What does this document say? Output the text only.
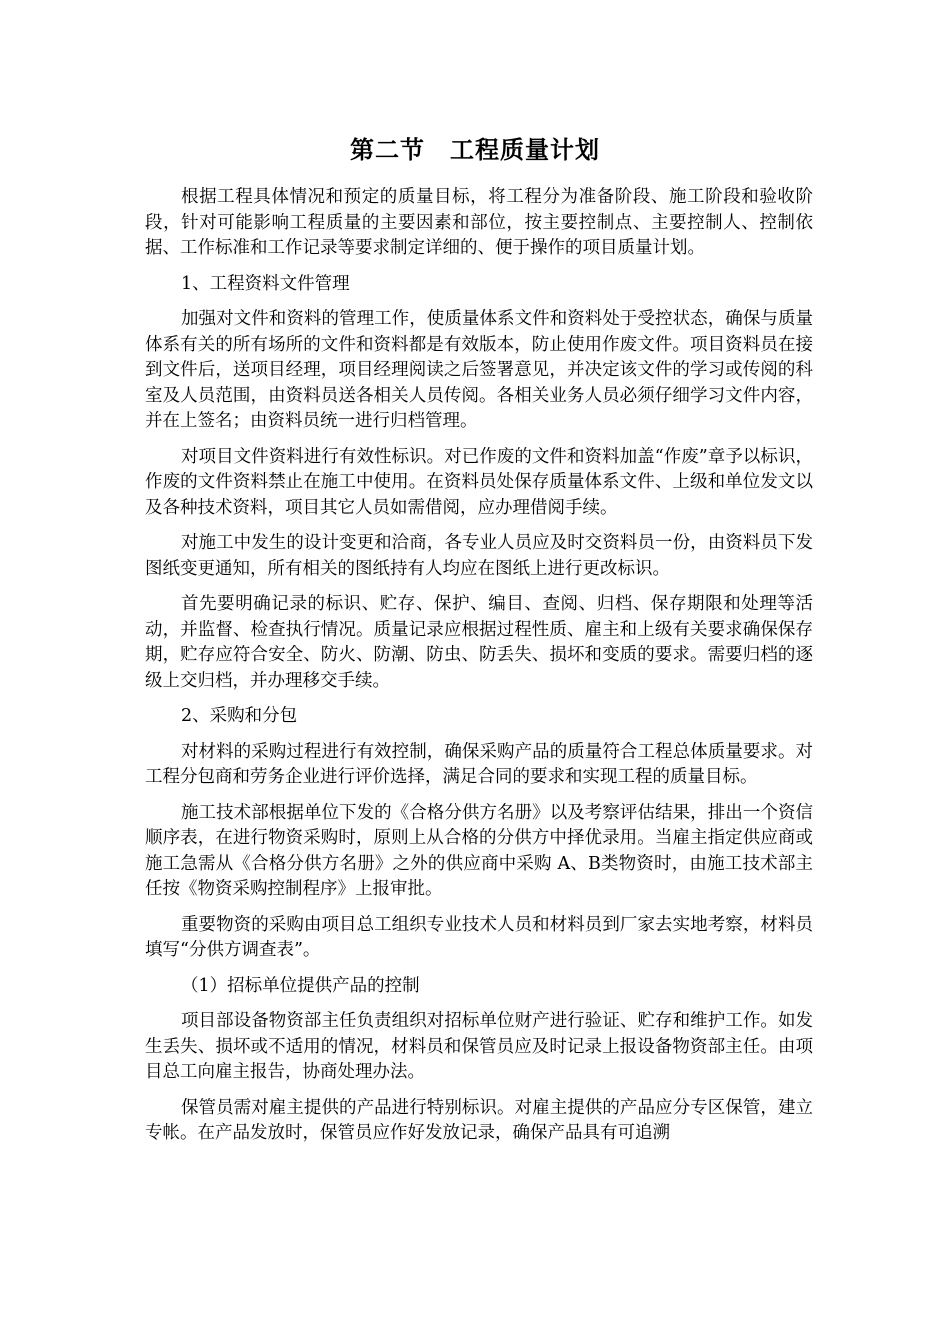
第二节　工程质量计划

根据工程具体情况和预定的质量目标，将工程分为准备阶段、施工阶段和验收阶段，针对可能影响工程质量的主要因素和部位，按主要控制点、主要控制人、控制依据、工作标准和工作记录等要求制定详细的、便于操作的项目质量计划。

1、工程资料文件管理

加强对文件和资料的管理工作，使质量体系文件和资料处于受控状态，确保与质量体系有关的所有场所的文件和资料都是有效版本，防止使用作废文件。项目资料员在接到文件后，送项目经理，项目经理阅读之后签署意见，并决定该文件的学习或传阅的科室及人员范围，由资料员送各相关人员传阅。各相关业务人员必须仔细学习文件内容，并在上签名；由资料员统一进行归档管理。

对项目文件资料进行有效性标识。对已作废的文件和资料加盖“作废”章予以标识，作废的文件资料禁止在施工中使用。在资料员处保存质量体系文件、上级和单位发文以及各种技术资料，项目其它人员如需借阅，应办理借阅手续。

对施工中发生的设计变更和洽商，各专业人员应及时交资料员一份，由资料员下发图纸变更通知，所有相关的图纸持有人均应在图纸上进行更改标识。

首先要明确记录的标识、贮存、保护、编目、查阅、归档、保存期限和处理等活动，并监督、检查执行情况。质量记录应根据过程性质、雇主和上级有关要求确保保存期，贮存应符合安全、防火、防潮、防虫、防丢失、损坏和变质的要求。需要归档的逐级上交归档，并办理移交手续。

2、采购和分包

对材料的采购过程进行有效控制，确保采购产品的质量符合工程总体质量要求。对工程分包商和劳务企业进行评价选择，满足合同的要求和实现工程的质量目标。

施工技术部根据单位下发的《合格分供方名册》以及考察评估结果，排出一个资信顺序表，在进行物资采购时，原则上从合格的分供方中择优录用。当雇主指定供应商或施工急需从《合格分供方名册》之外的供应商中采购 A、B类物资时，由施工技术部主任按《物资采购控制程序》上报审批。

重要物资的采购由项目总工组织专业技术人员和材料员到厂家去实地考察，材料员填写“分供方调查表”。

（1）招标单位提供产品的控制

项目部设备物资部主任负责组织对招标单位财产进行验证、贮存和维护工作。如发生丢失、损坏或不适用的情况，材料员和保管员应及时记录上报设备物资部主任。由项目总工向雇主报告，协商处理办法。

保管员需对雇主提供的产品进行特别标识。对雇主提供的产品应分专区保管，建立专帐。在产品发放时，保管员应作好发放记录，确保产品具有可追溯
